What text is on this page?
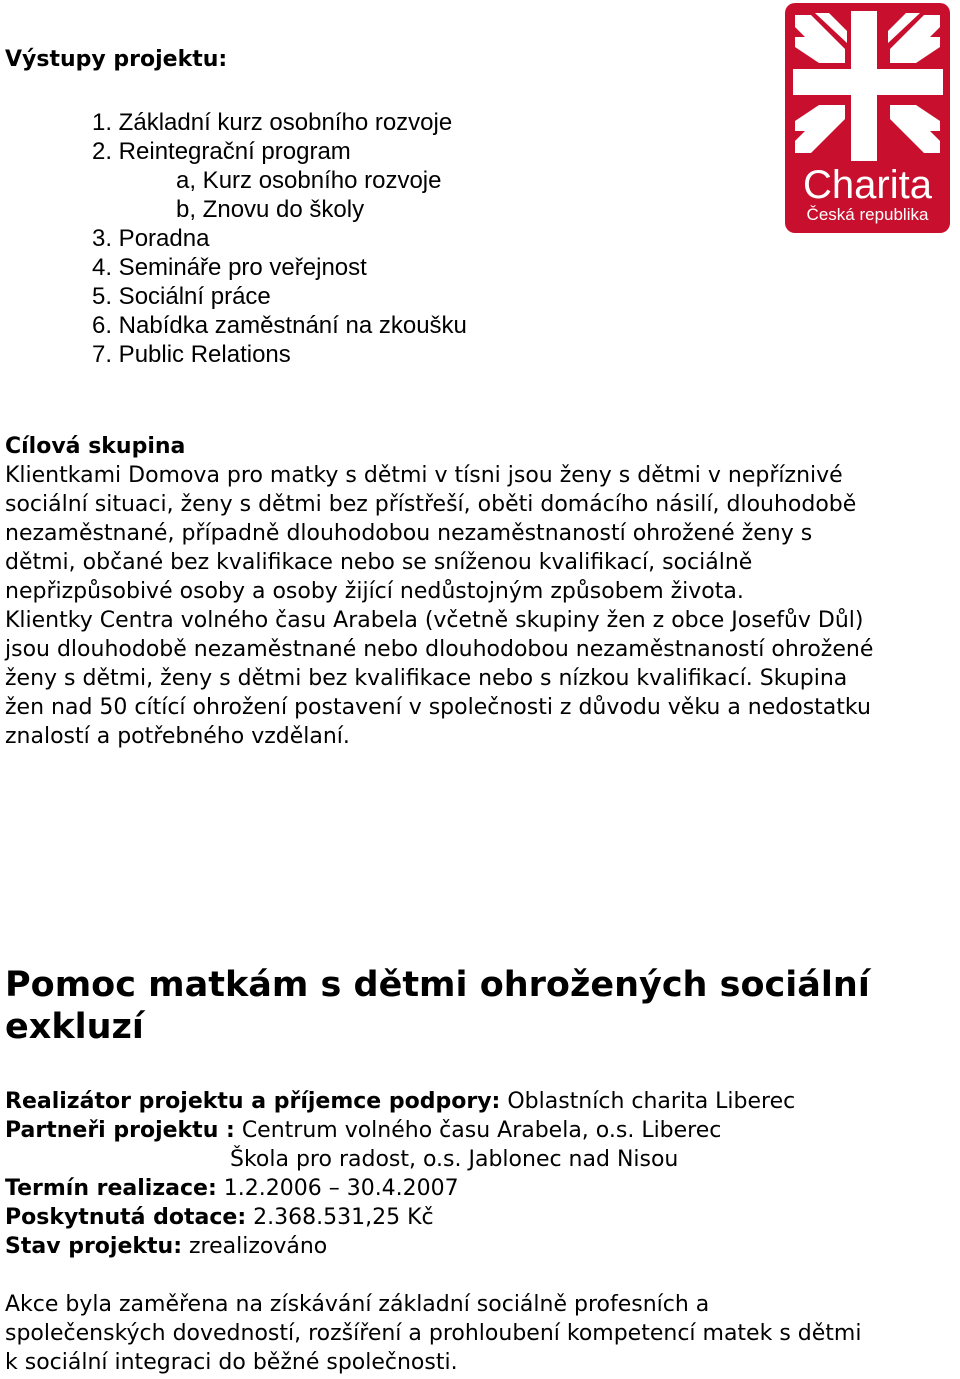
Výstupy projektu:
1. Základní kurz osobního rozvoje
2. Reintegrační program
a, Kurz osobního rozvoje
b, Znovu do školy
3. Poradna
4. Semináře pro veřejnost
5. Sociální práce
6. Nabídka zaměstnání na zkoušku
7. Public Relations
Charita
Česká republika
Cílová skupina
Klientkami Domova pro matky s dětmi v tísni jsou ženy s dětmi v nepříznivé
sociální situaci, ženy s dětmi bez přístřeší, oběti domácího násilí, dlouhodobě
nezaměstnané, případně dlouhodobou nezaměstnaností ohrožené ženy s
dětmi, občané bez kvalifikace nebo se sníženou kvalifikací, sociálně
nepřizpůsobivé osoby a osoby žijící nedůstojným způsobem života.
Klientky Centra volného času Arabela (včetně skupiny žen z obce Josefův Důl)
jsou dlouhodobě nezaměstnané nebo dlouhodobou nezaměstnaností ohrožené
ženy s dětmi, ženy s dětmi bez kvalifikace nebo s nízkou kvalifikací. Skupina
žen nad 50 cítící ohrožení postavení v společnosti z důvodu věku a nedostatku
znalostí a potřebného vzdělaní.
Pomoc matkám s dětmi ohrožených sociální
exkluzí
Realizátor projektu a příjemce podpory: Oblastních charita Liberec
Partneři projektu : Centrum volného času Arabela, o.s. Liberec
Škola pro radost, o.s. Jablonec nad Nisou
Termín realizace: 1.2.2006 – 30.4.2007
Poskytnutá dotace: 2.368.531,25 Kč
Stav projektu: zrealizováno
Akce byla zaměřena na získávání základní sociálně profesních a
společenských dovedností, rozšíření a prohloubení kompetencí matek s dětmi
k sociální integraci do běžné společnosti.
